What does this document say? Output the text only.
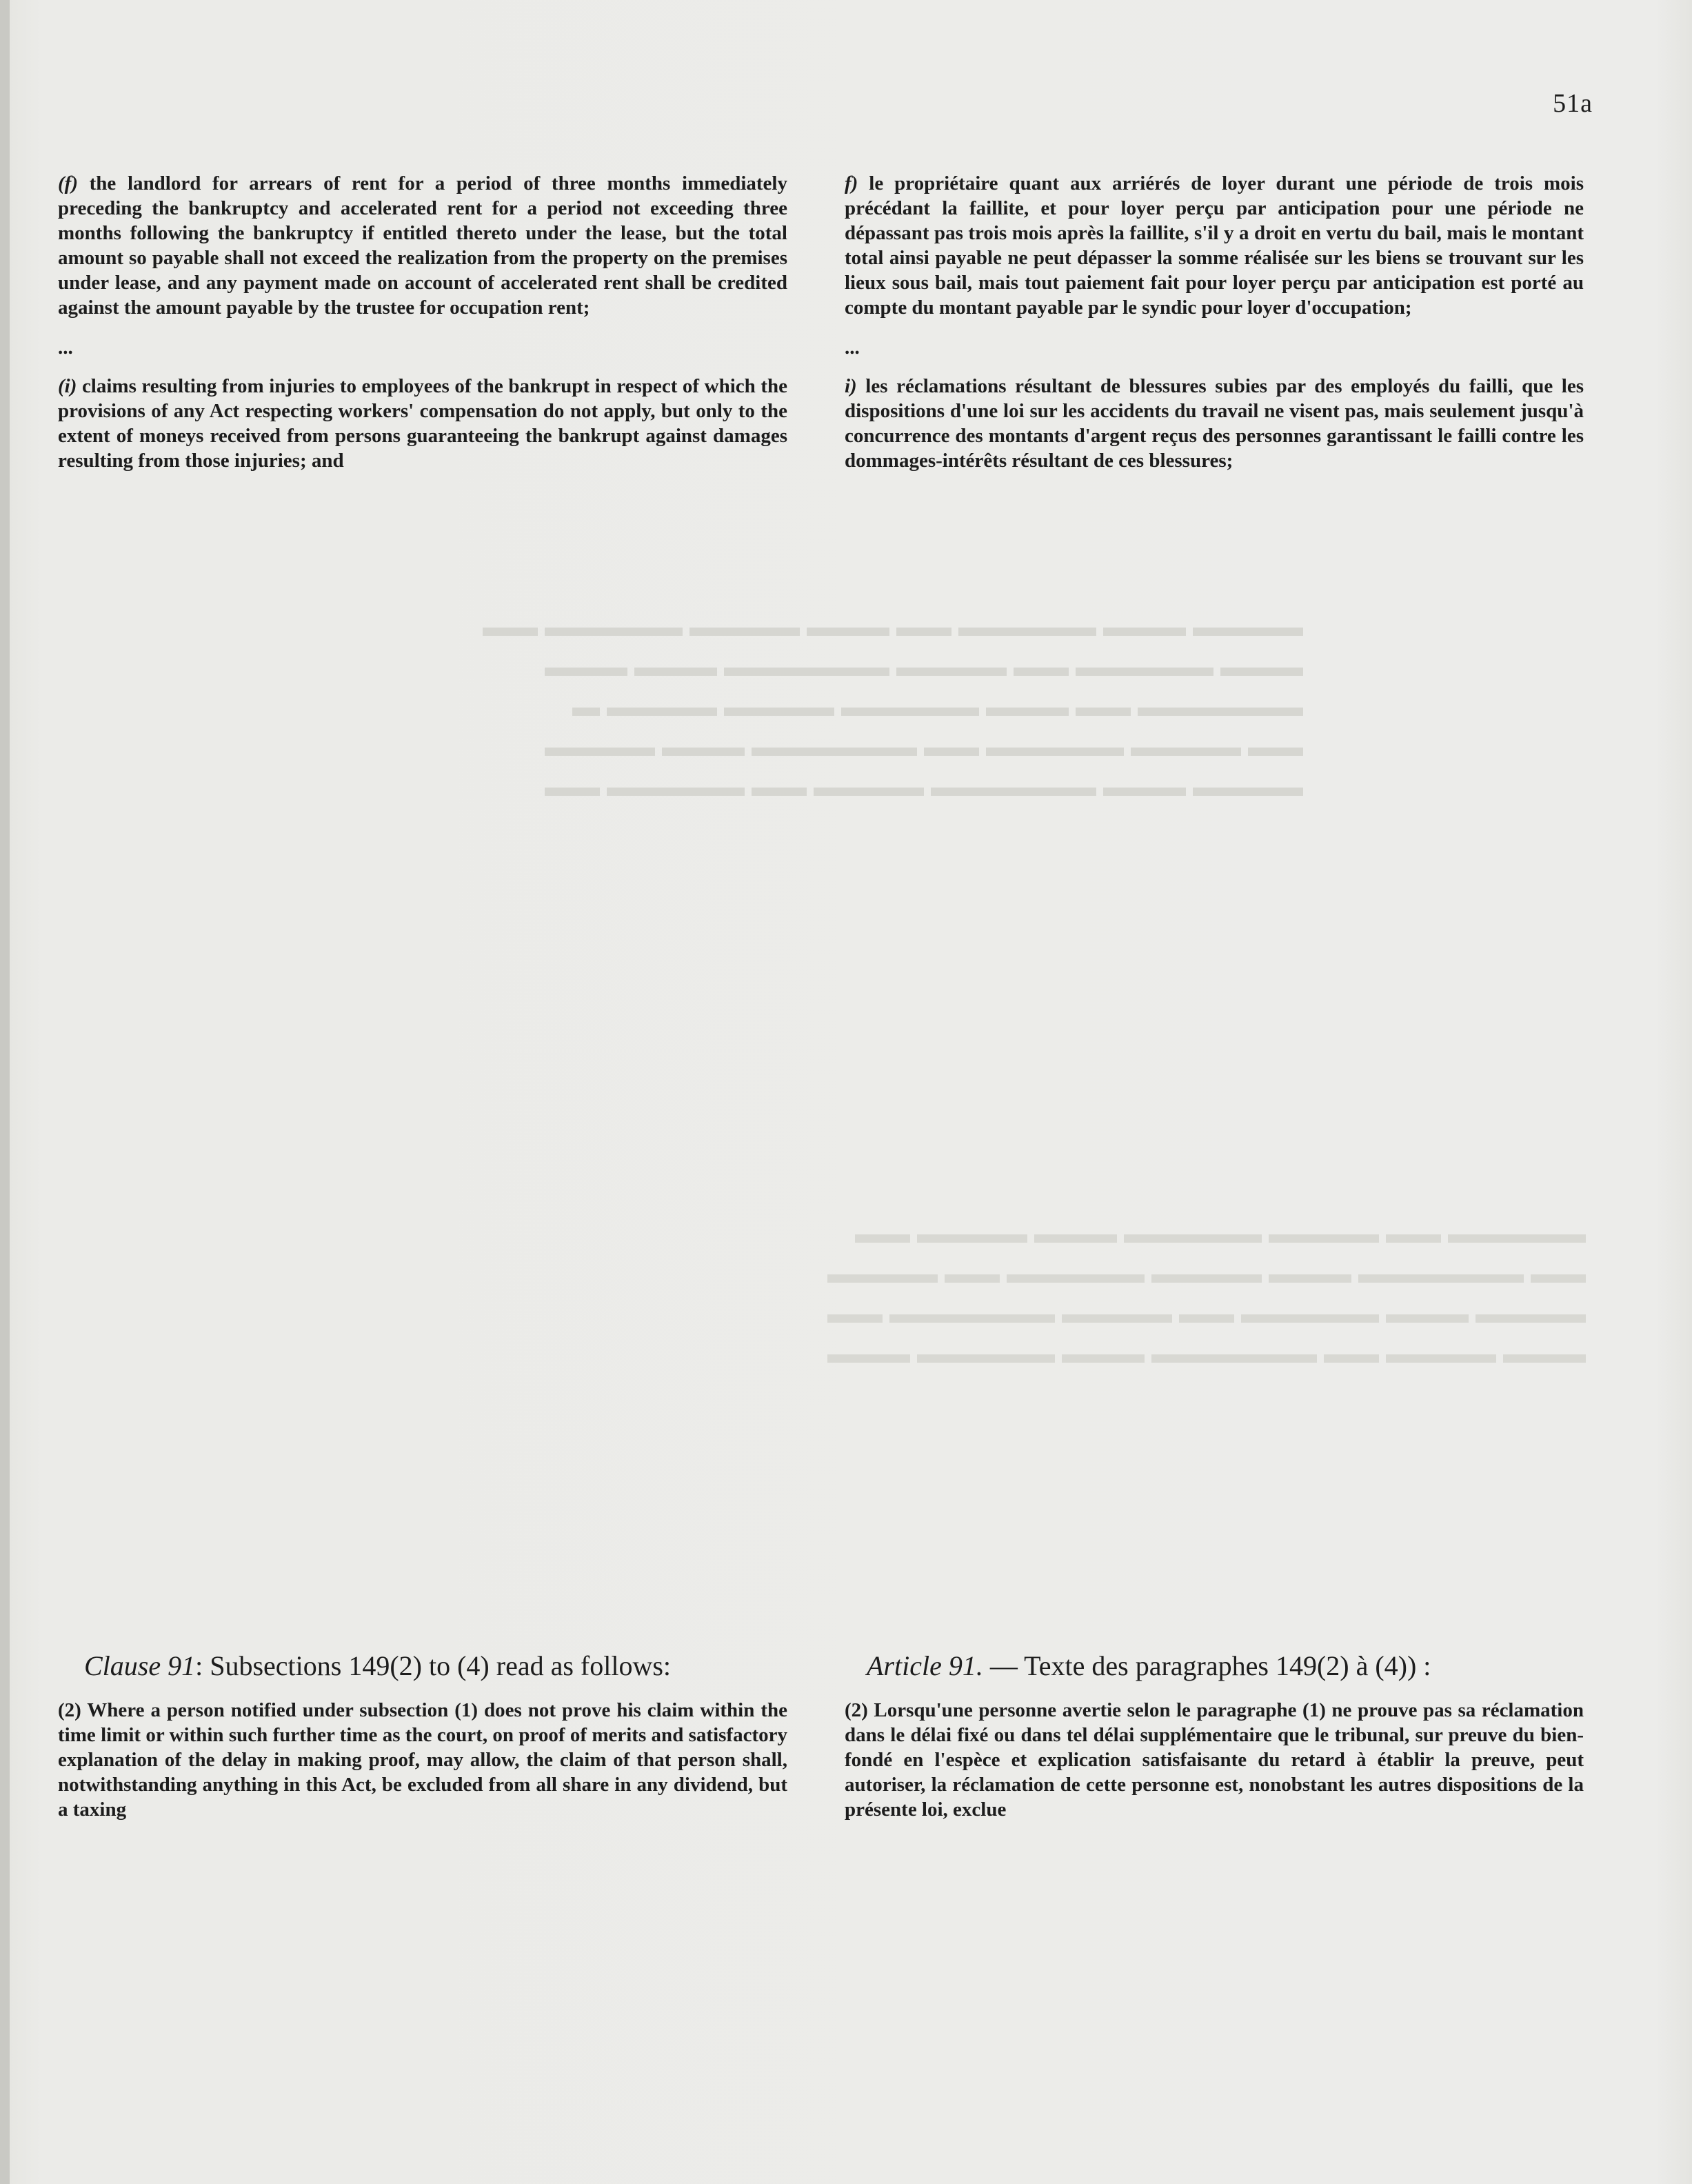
▬▬▬▬ ▬▬▬ ▬▬▬▬▬ ▬▬ ▬▬▬ ▬▬▬▬ ▬▬▬▬▬ ▬▬
▬▬▬ ▬▬▬▬▬ ▬▬ ▬▬▬▬ ▬▬▬▬▬▬ ▬▬▬ ▬▬▬
▬▬▬▬▬▬ ▬▬ ▬▬▬ ▬▬▬▬▬ ▬▬▬▬ ▬▬▬▬ ▬
▬▬ ▬▬▬▬ ▬▬▬▬▬ ▬▬ ▬▬▬▬▬▬ ▬▬▬ ▬▬▬▬
▬▬▬▬ ▬▬▬ ▬▬▬▬▬▬ ▬▬▬▬ ▬▬ ▬▬▬▬▬ ▬▬
▬▬▬▬▬ ▬▬ ▬▬▬▬ ▬▬▬▬▬ ▬▬▬ ▬▬▬▬ ▬▬
▬▬ ▬▬▬▬▬▬ ▬▬▬ ▬▬▬▬ ▬▬▬▬▬ ▬▬ ▬▬▬▬
▬▬▬▬ ▬▬▬ ▬▬▬▬▬ ▬▬ ▬▬▬▬ ▬▬▬▬▬▬ ▬▬
▬▬▬ ▬▬▬▬ ▬▬ ▬▬▬▬▬▬ ▬▬▬ ▬▬▬▬▬ ▬▬▬
51a

(f) the landlord for arrears of rent for a period of three months immediately preceding the bankruptcy and accelerated rent for a period not exceeding three months following the bankruptcy if entitled thereto under the lease, but the total amount so payable shall not exceed the realization from the property on the premises under lease, and any payment made on account of accelerated rent shall be credited against the amount payable by the trustee for occupation rent;

...

(i) claims resulting from injuries to employees of the bankrupt in respect of which the provisions of any Act respecting workers' compensation do not apply, but only to the extent of moneys received from persons guaranteeing the bankrupt against damages resulting from those injuries; and

f) le propriétaire quant aux arriérés de loyer durant une période de trois mois précédant la faillite, et pour loyer perçu par anticipation pour une période ne dépassant pas trois mois après la faillite, s'il y a droit en vertu du bail, mais le montant total ainsi payable ne peut dépasser la somme réalisée sur les biens se trouvant sur les lieux sous bail, mais tout paiement fait pour loyer perçu par anticipation est porté au compte du montant payable par le syndic pour loyer d'occupation;

...

i) les réclamations résultant de blessures subies par des employés du failli, que les dispositions d'une loi sur les accidents du travail ne visent pas, mais seulement jusqu'à concurrence des montants d'argent reçus des personnes garantissant le failli contre les dommages-intérêts résultant de ces blessures;

Clause 91: Subsections 149(2) to (4) read as follows:

(2) Where a person notified under subsection (1) does not prove his claim within the time limit or within such further time as the court, on proof of merits and satisfactory explanation of the delay in making proof, may allow, the claim of that person shall, notwithstanding anything in this Act, be excluded from all share in any dividend, but a taxing

Article 91. — Texte des paragraphes 149(2) à (4)) :

(2) Lorsqu'une personne avertie selon le paragraphe (1) ne prouve pas sa réclamation dans le délai fixé ou dans tel délai supplémentaire que le tribunal, sur preuve du bien-fondé en l'espèce et explication satisfaisante du retard à établir la preuve, peut autoriser, la réclamation de cette personne est, nonobstant les autres dispositions de la présente loi, exclue
